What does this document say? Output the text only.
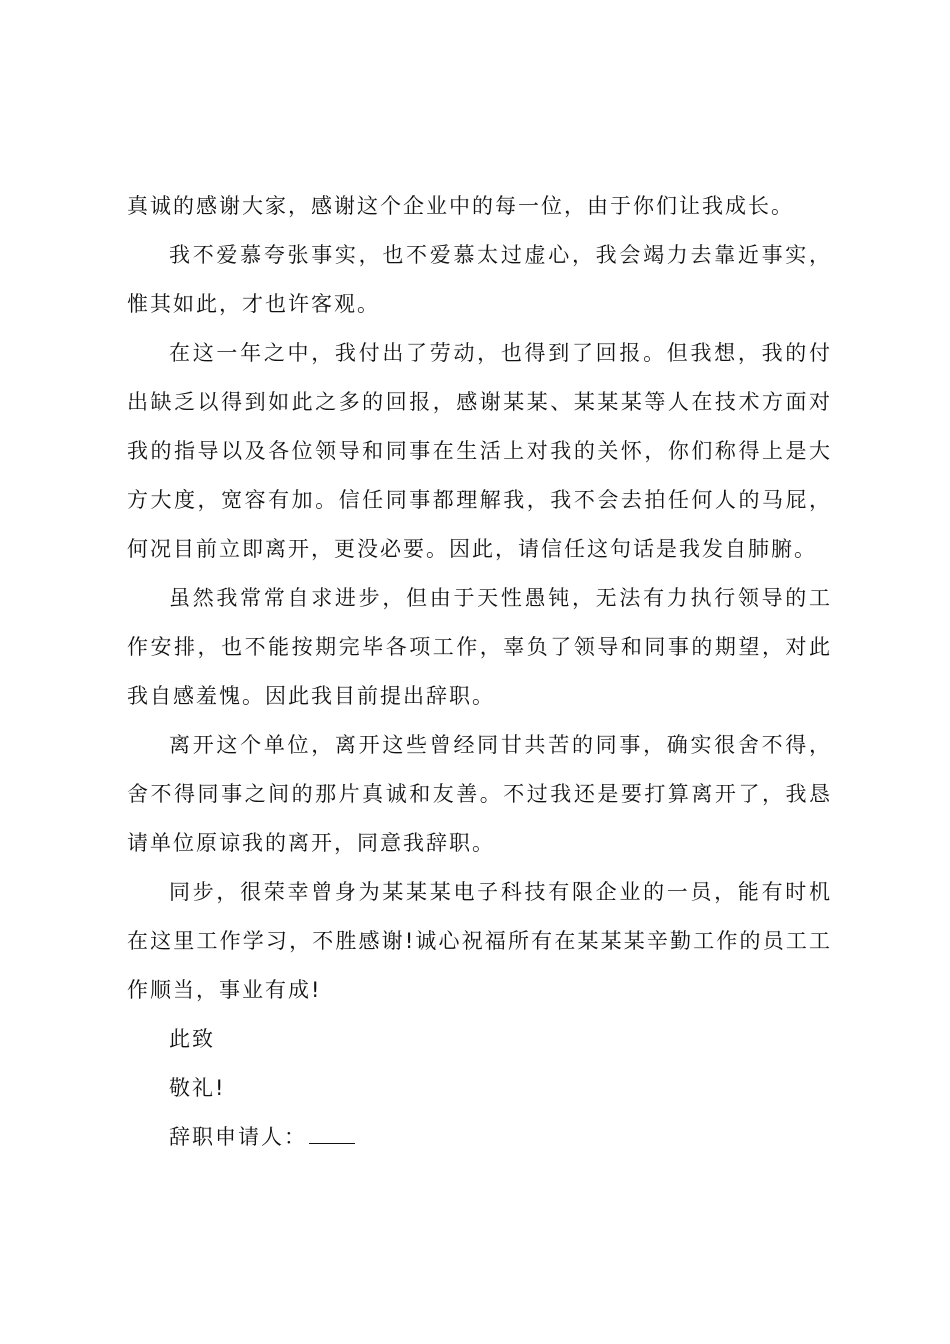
真诚的感谢大家，感谢这个企业中的每一位，由于你们让我成长。

我不爱慕夸张事实，也不爱慕太过虚心，我会竭力去靠近事实，惟其如此，才也许客观。

在这一年之中，我付出了劳动，也得到了回报。但我想，我的付出缺乏以得到如此之多的回报，感谢某某、某某某等人在技术方面对我的指导以及各位领导和同事在生活上对我的关怀，你们称得上是大方大度，宽容有加。信任同事都理解我，我不会去拍任何人的马屁，何况目前立即离开，更没必要。因此，请信任这句话是我发自肺腑。

虽然我常常自求进步，但由于天性愚钝，无法有力执行领导的工作安排，也不能按期完毕各项工作，辜负了领导和同事的期望，对此我自感羞愧。因此我目前提出辞职。

离开这个单位，离开这些曾经同甘共苦的同事，确实很舍不得，舍不得同事之间的那片真诚和友善。不过我还是要打算离开了，我恳请单位原谅我的离开，同意我辞职。

同步，很荣幸曾身为某某某电子科技有限企业的一员，能有时机在这里工作学习，不胜感谢!诚心祝福所有在某某某辛勤工作的员工工作顺当，事业有成!

此致

敬礼!

辞职申请人：
